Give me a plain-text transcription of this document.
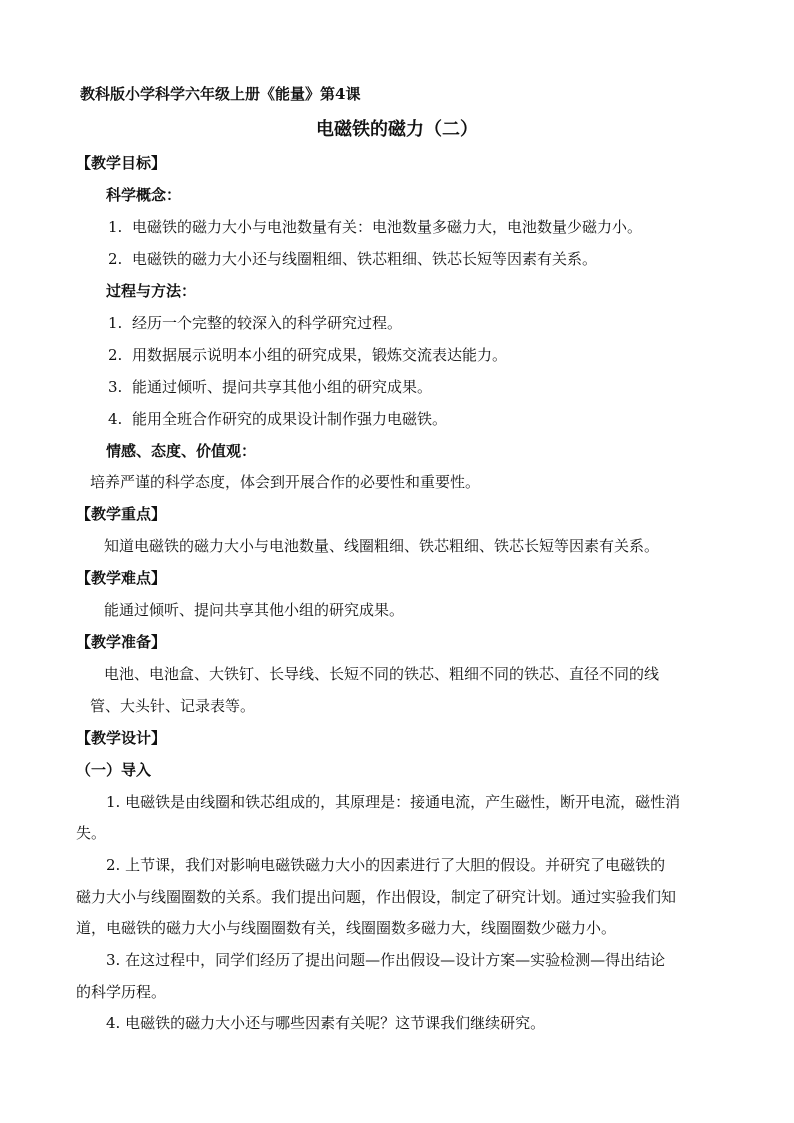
教科版小学科学六年级上册《能量》第4课
电磁铁的磁力（二）
【教学目标】
科学概念：
1. 电磁铁的磁力大小与电池数量有关：电池数量多磁力大，电池数量少磁力小。
2. 电磁铁的磁力大小还与线圈粗细、铁芯粗细、铁芯长短等因素有关系。
过程与方法：
1. 经历一个完整的较深入的科学研究过程。
2. 用数据展示说明本小组的研究成果，锻炼交流表达能力。
3. 能通过倾听、提问共享其他小组的研究成果。
4. 能用全班合作研究的成果设计制作强力电磁铁。
情感、态度、价值观：
培养严谨的科学态度，体会到开展合作的必要性和重要性。
【教学重点】
知道电磁铁的磁力大小与电池数量、线圈粗细、铁芯粗细、铁芯长短等因素有关系。
【教学难点】
能通过倾听、提问共享其他小组的研究成果。
【教学准备】
电池、电池盒、大铁钉、长导线、长短不同的铁芯、粗细不同的铁芯、直径不同的线
管、大头针、记录表等。
【教学设计】
（一）导入
1. 电磁铁是由线圈和铁芯组成的，其原理是：接通电流，产生磁性，断开电流，磁性消
失。
2. 上节课，我们对影响电磁铁磁力大小的因素进行了大胆的假设。并研究了电磁铁的
磁力大小与线圈圈数的关系。我们提出问题，作出假设，制定了研究计划。通过实验我们知
道，电磁铁的磁力大小与线圈圈数有关，线圈圈数多磁力大，线圈圈数少磁力小。
3. 在这过程中，同学们经历了提出问题—作出假设—设计方案—实验检测—得出结论
的科学历程。
4. 电磁铁的磁力大小还与哪些因素有关呢？这节课我们继续研究。
